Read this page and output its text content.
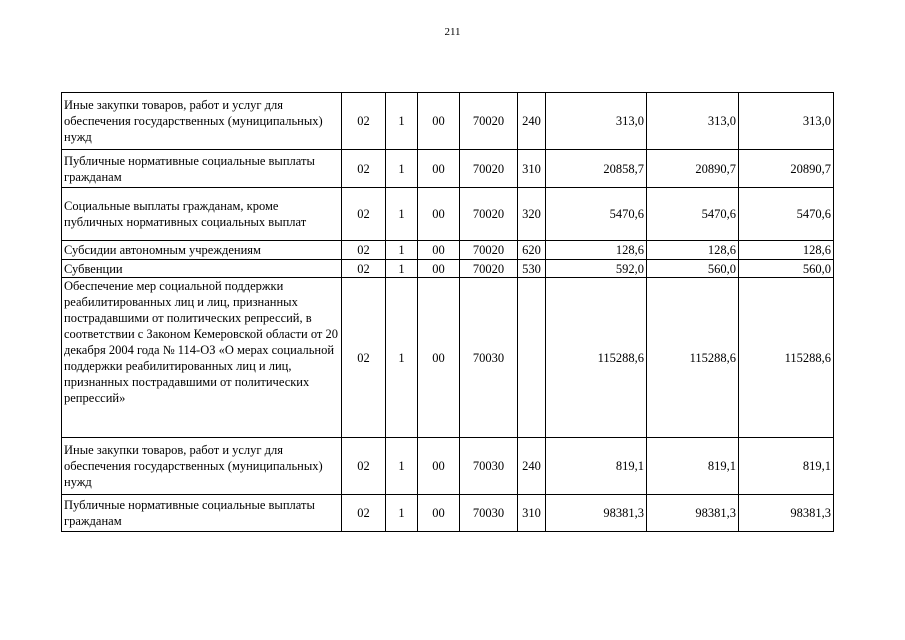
211
Иные закупки товаров, работ и услуг для обеспечения государственных (муниципальных) нужд	02	1	00	70020	240	313,0	313,0	313,0
Публичные нормативные социальные выплаты гражданам	02	1	00	70020	310	20858,7	20890,7	20890,7
Социальные выплаты гражданам, кроме публичных нормативных социальных выплат	02	1	00	70020	320	5470,6	5470,6	5470,6
Субсидии автономным учреждениям	02	1	00	70020	620	128,6	128,6	128,6
Субвенции	02	1	00	70020	530	592,0	560,0	560,0
Обеспечение мер социальной поддержки реабилитированных лиц и лиц, признанных пострадавшими от политических репрессий, в соответствии с Законом Кемеровской области от 20 декабря 2004 года № 114-ОЗ «О мерах социальной поддержки реабилитированных лиц и лиц, признанных пострадавшими от политических репрессий»	02	1	00	70030		115288,6	115288,6	115288,6
Иные закупки товаров, работ и услуг для обеспечения государственных (муниципальных) нужд	02	1	00	70030	240	819,1	819,1	819,1
Публичные нормативные социальные выплаты гражданам	02	1	00	70030	310	98381,3	98381,3	98381,3
